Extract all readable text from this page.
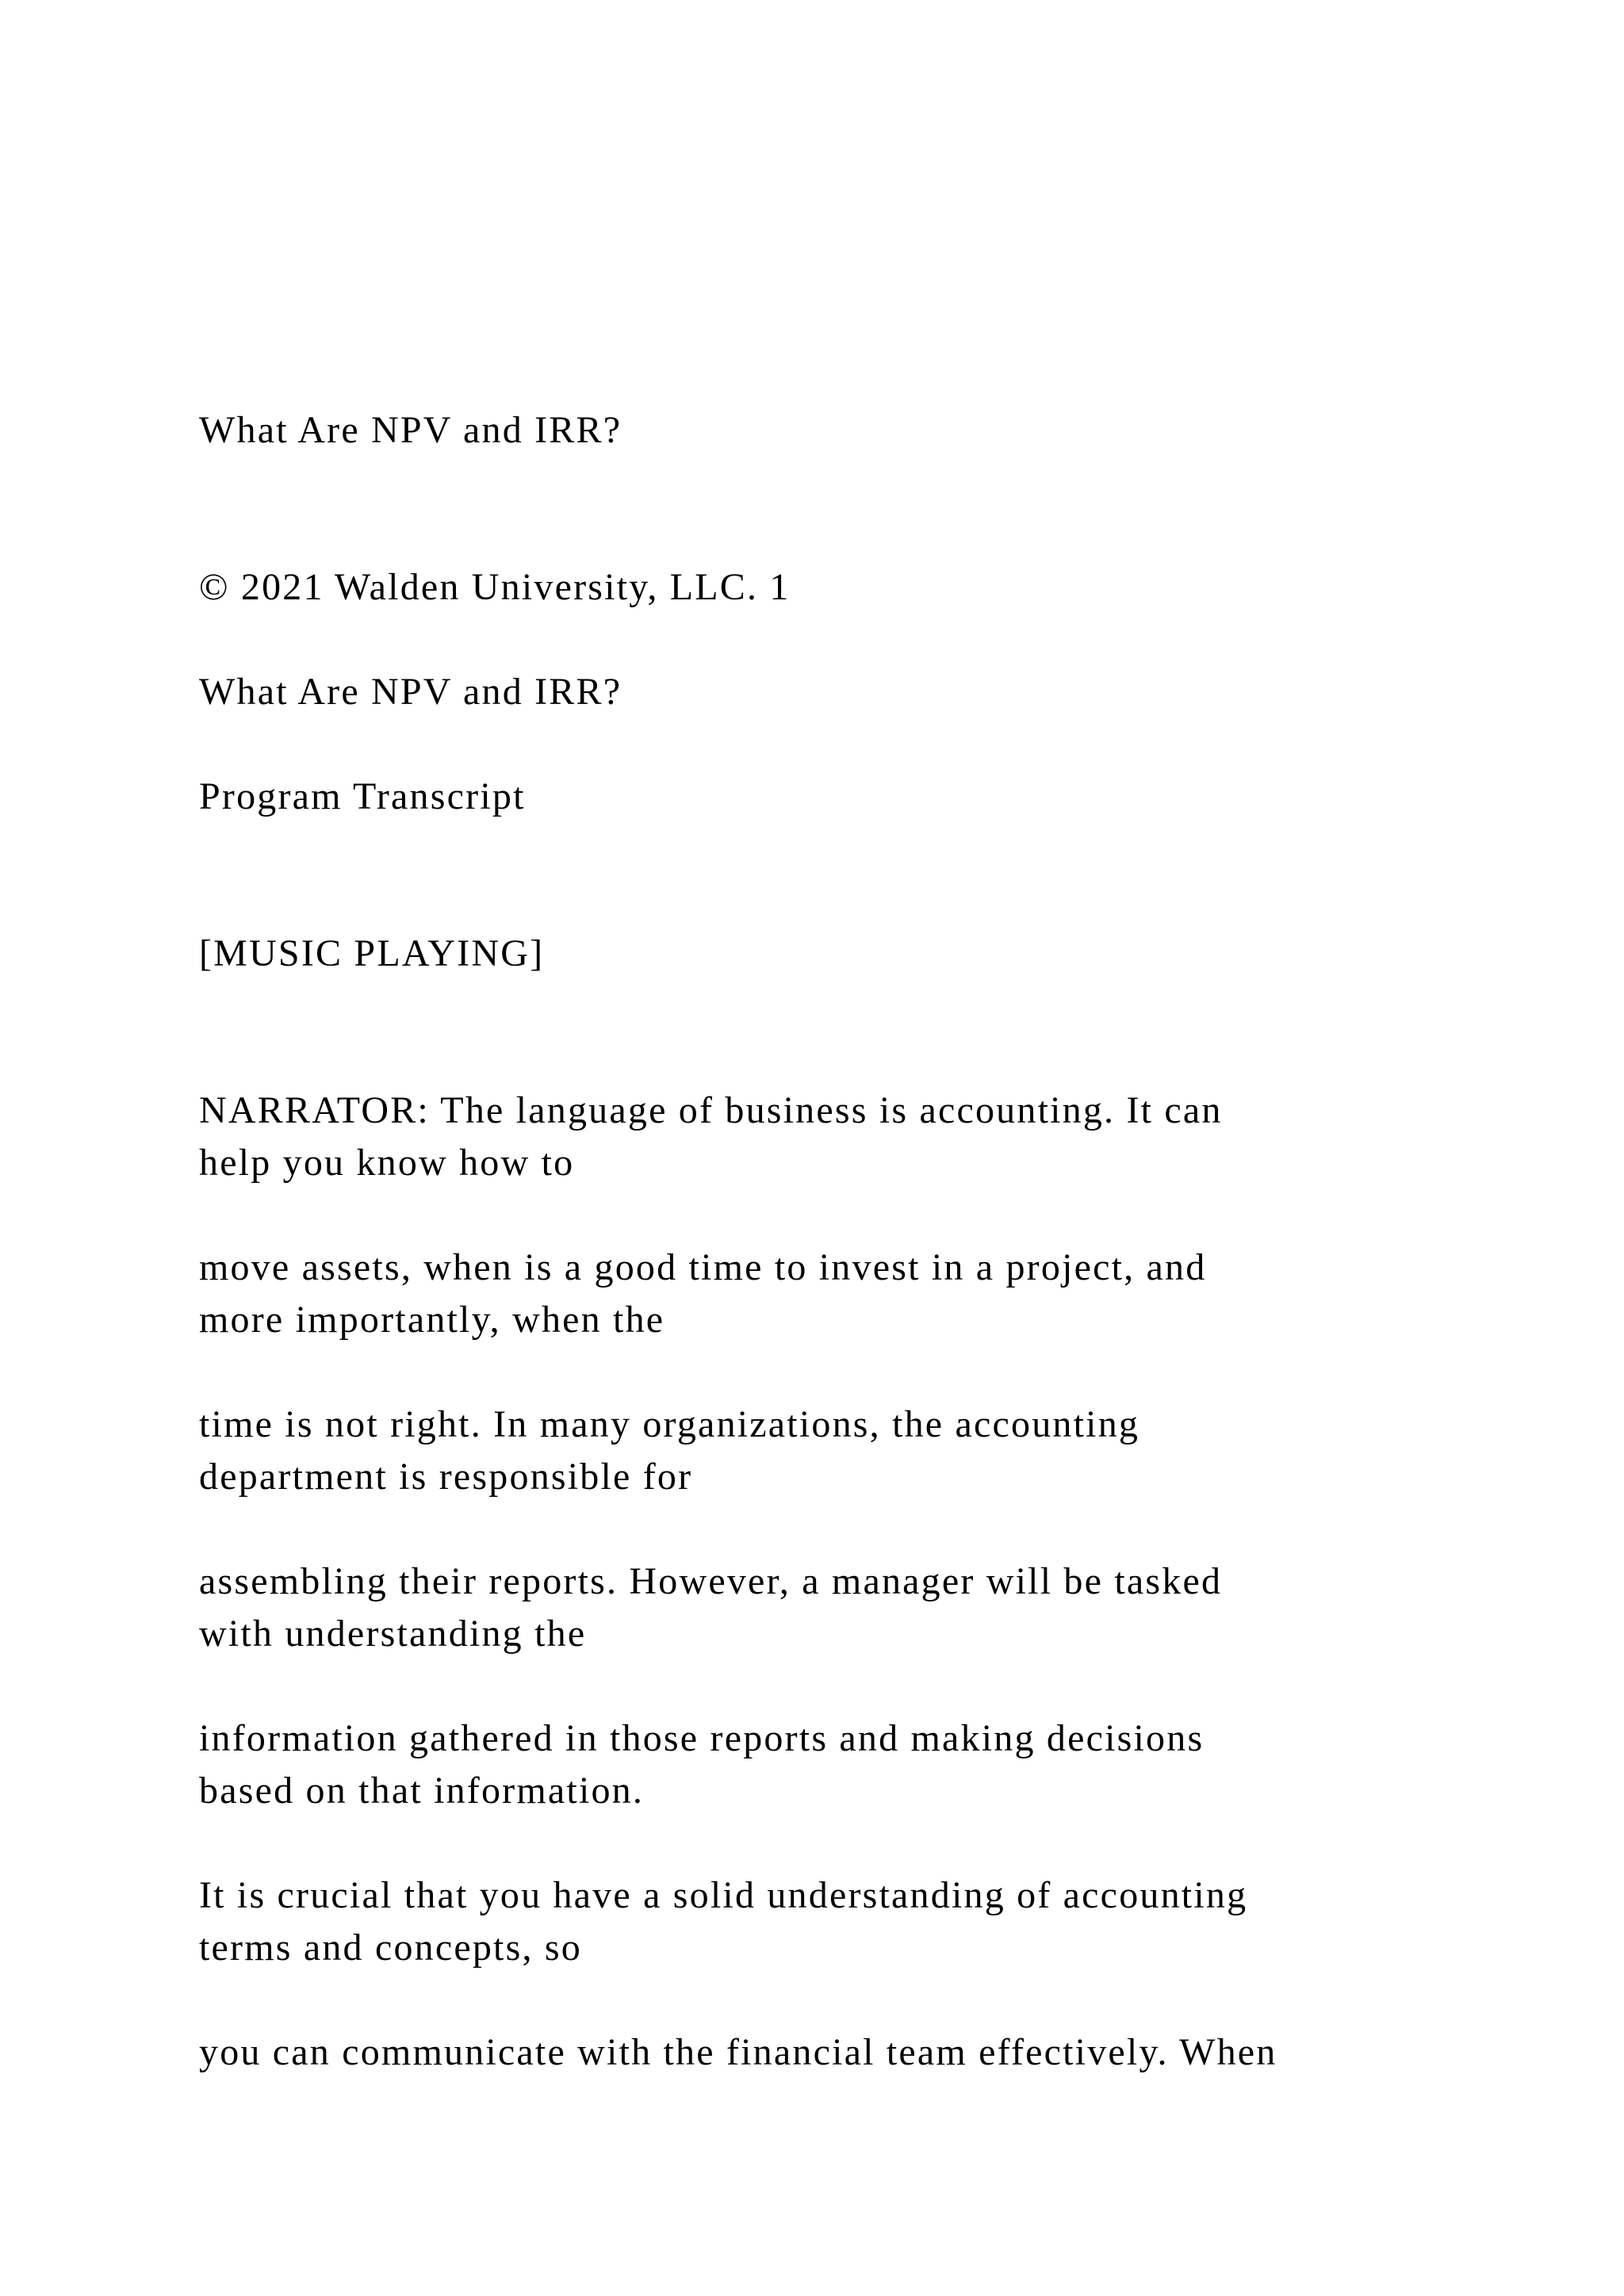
What Are NPV and IRR?

© 2021 Walden University, LLC. 1

What Are NPV and IRR?

Program Transcript

[MUSIC PLAYING]

NARRATOR: The language of business is accounting. It can

help you know how to

move assets, when is a good time to invest in a project, and

more importantly, when the

time is not right. In many organizations, the accounting

department is responsible for

assembling their reports. However, a manager will be tasked

with understanding the

information gathered in those reports and making decisions

based on that information.

It is crucial that you have a solid understanding of accounting

terms and concepts, so

you can communicate with the financial team effectively. When
